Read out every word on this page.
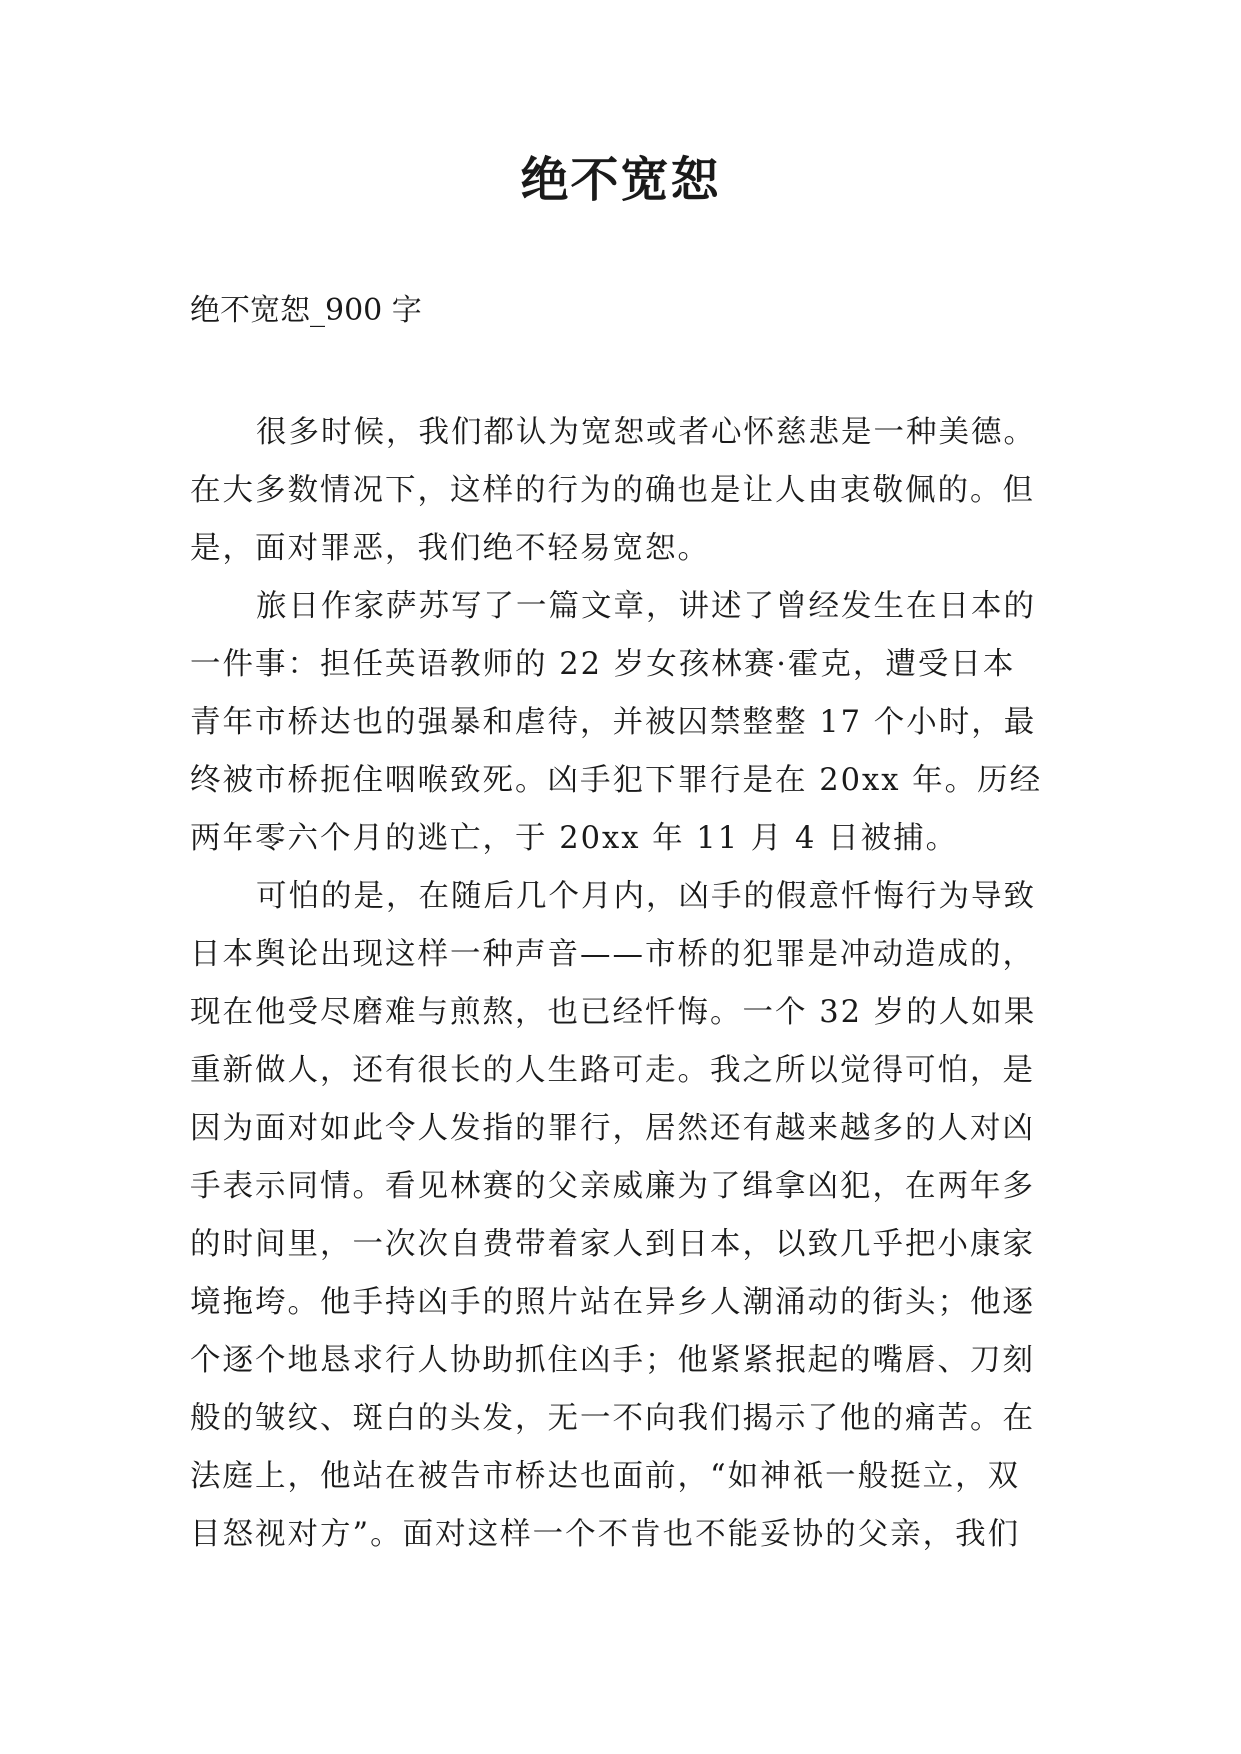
绝不宽恕

绝不宽恕_900 字

很多时候，我们都认为宽恕或者心怀慈悲是一种美德。
在大多数情况下，这样的行为的确也是让人由衷敬佩的。但
是，面对罪恶，我们绝不轻易宽恕。
旅日作家萨苏写了一篇文章，讲述了曾经发生在日本的
一件事：担任英语教师的 22 岁女孩林赛·霍克，遭受日本
青年市桥达也的强暴和虐待，并被囚禁整整 17 个小时，最
终被市桥扼住咽喉致死。凶手犯下罪行是在 20xx 年。历经
两年零六个月的逃亡，于 20xx 年 11 月 4 日被捕。
可怕的是，在随后几个月内，凶手的假意忏悔行为导致
日本舆论出现这样一种声音——市桥的犯罪是冲动造成的，
现在他受尽磨难与煎熬，也已经忏悔。一个 32 岁的人如果
重新做人，还有很长的人生路可走。我之所以觉得可怕，是
因为面对如此令人发指的罪行，居然还有越来越多的人对凶
手表示同情。看见林赛的父亲威廉为了缉拿凶犯，在两年多
的时间里，一次次自费带着家人到日本，以致几乎把小康家
境拖垮。他手持凶手的照片站在异乡人潮涌动的街头；他逐
个逐个地恳求行人协助抓住凶手；他紧紧抿起的嘴唇、刀刻
般的皱纹、斑白的头发，无一不向我们揭示了他的痛苦。在
法庭上，他站在被告市桥达也面前，“如神祇一般挺立，双
目怒视对方”。面对这样一个不肯也不能妥协的父亲，我们
